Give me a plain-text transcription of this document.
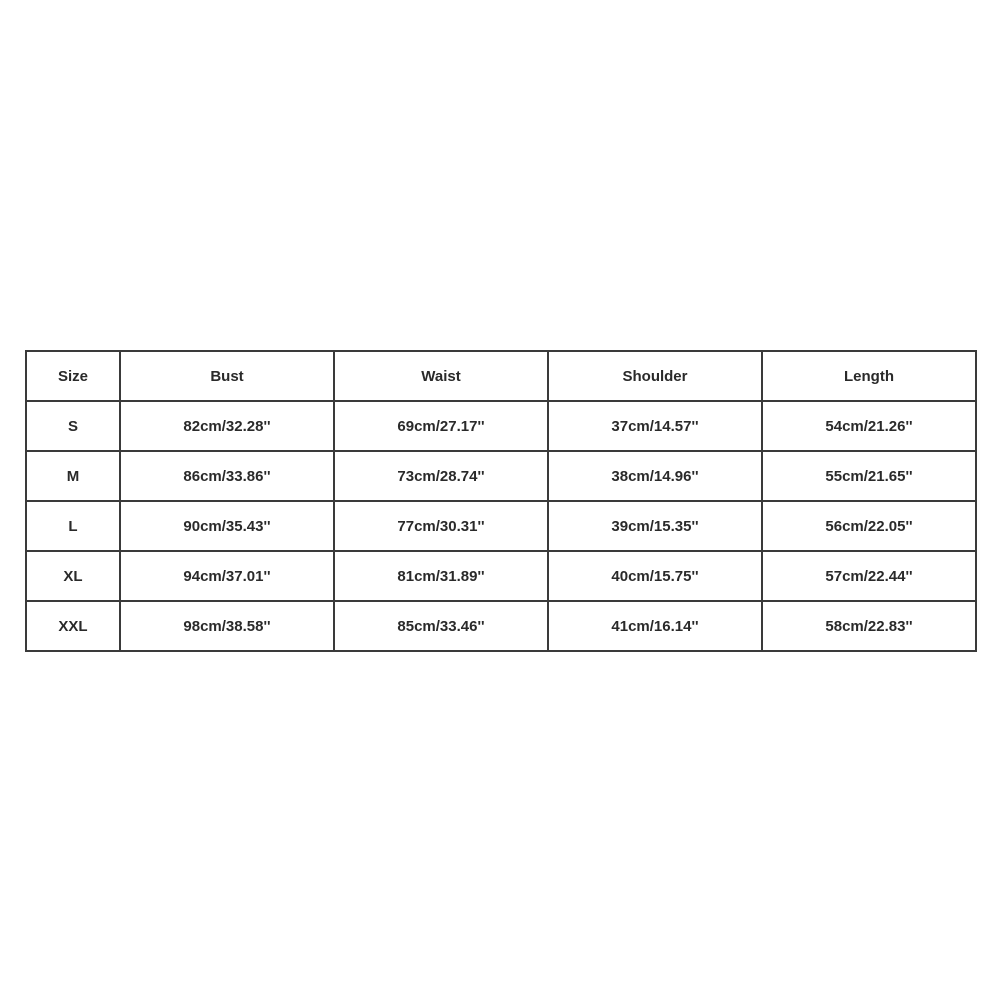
Size	Bust	Waist	Shoulder	Length
S	82cm/32.28''	69cm/27.17''	37cm/14.57''	54cm/21.26''
M	86cm/33.86''	73cm/28.74''	38cm/14.96''	55cm/21.65''
L	90cm/35.43''	77cm/30.31''	39cm/15.35''	56cm/22.05''
XL	94cm/37.01''	81cm/31.89''	40cm/15.75''	57cm/22.44''
XXL	98cm/38.58''	85cm/33.46''	41cm/16.14''	58cm/22.83''
